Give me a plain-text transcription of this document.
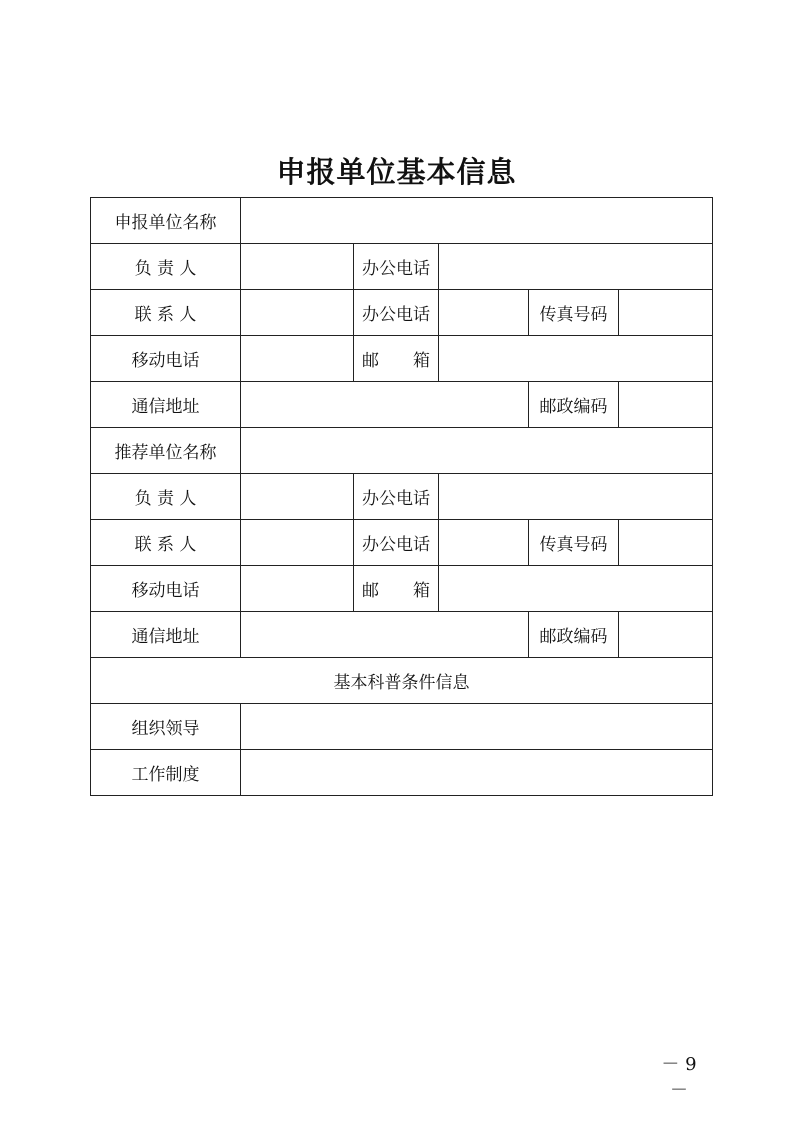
申报单位基本信息
申报单位名称					
负 责 人		办公电话			
联 系 人		办公电话		传真号码	
移动电话		邮 箱			

通信地址				邮政编码	
推荐单位名称					
负 责 人		办公电话			
联 系 人		办公电话		传真号码	
移动电话		邮 箱			

通信地址				邮政编码	
基本科普条件信息					
组织领导					
工作制度					
－ 9 －
